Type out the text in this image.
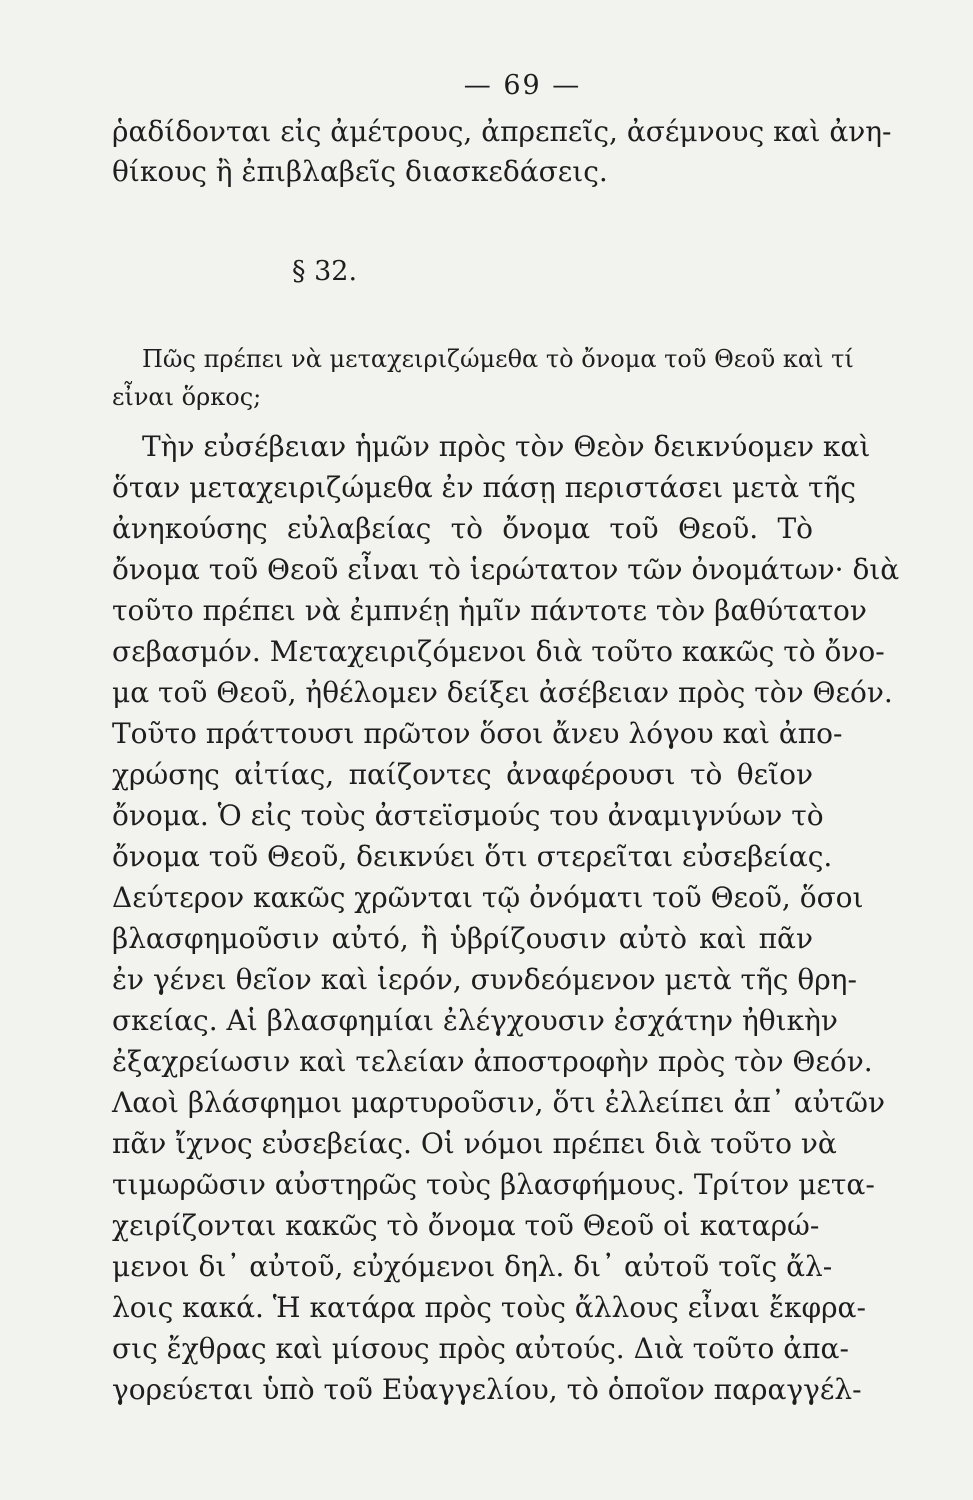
— 69 —
ῥαδίδονται εἰς ἀμέτρους, ἀπρεπεῖς, ἀσέμνους καὶ ἀνη-
θίκους ἢ ἐπιβλαβεῖς διασκεδάσεις.
§ 32.
Πῶς πρέπει νὰ μεταχειριζώμεθα τὸ ὄνομα τοῦ Θεοῦ καὶ τί
εἶναι ὅρκος;
Τὴν εὐσέβειαν ἡμῶν πρὸς τὸν Θεὸν δεικνύομεν καὶ
ὅταν μεταχειριζώμεθα ἐν πάσῃ περιστάσει μετὰ τῆς
ἀνηκούσης εὐλαβείας τὸ ὄνομα τοῦ Θεοῦ. Τὸ
ὄνομα τοῦ Θεοῦ εἶναι τὸ ἱερώτατον τῶν ὀνομάτων· διὰ
τοῦτο πρέπει νὰ ἐμπνέῃ ἡμῖν πάντοτε τὸν βαθύτατον
σεβασμόν. Μεταχειριζόμενοι διὰ τοῦτο κακῶς τὸ ὄνο-
μα τοῦ Θεοῦ, ἠθέλομεν δείξει ἀσέβειαν πρὸς τὸν Θεόν.
Τοῦτο πράττουσι πρῶτον ὅσοι ἄνευ λόγου καὶ ἀπο-
χρώσης αἰτίας, παίζοντες ἀναφέρουσι τὸ θεῖον
ὄνομα. Ὁ εἰς τοὺς ἀστεϊσμούς του ἀναμιγνύων τὸ
ὄνομα τοῦ Θεοῦ, δεικνύει ὅτι στερεῖται εὐσεβείας.
Δεύτερον κακῶς χρῶνται τῷ ὀνόματι τοῦ Θεοῦ, ὅσοι
βλασφημοῦσιν αὐτό, ἢ ὑβρίζουσιν αὐτὸ καὶ πᾶν
ἐν γένει θεῖον καὶ ἱερόν, συνδεόμενον μετὰ τῆς θρη-
σκείας. Αἱ βλασφημίαι ἐλέγχουσιν ἐσχάτην ἠθικὴν
ἐξαχρείωσιν καὶ τελείαν ἀποστροφὴν πρὸς τὸν Θεόν.
Λαοὶ βλάσφημοι μαρτυροῦσιν, ὅτι ἐλλείπει ἀπ᾽ αὐτῶν
πᾶν ἴχνος εὐσεβείας. Οἱ νόμοι πρέπει διὰ τοῦτο νὰ
τιμωρῶσιν αὐστηρῶς τοὺς βλασφήμους. Τρίτον μετα-
χειρίζονται κακῶς τὸ ὄνομα τοῦ Θεοῦ οἱ καταρώ-
μενοι δι᾽ αὐτοῦ, εὐχόμενοι δηλ. δι᾽ αὐτοῦ τοῖς ἄλ-
λοις κακά. Ἡ κατάρα πρὸς τοὺς ἄλλους εἶναι ἔκφρα-
σις ἔχθρας καὶ μίσους πρὸς αὐτούς. Διὰ τοῦτο ἀπα-
γορεύεται ὑπὸ τοῦ Εὐαγγελίου, τὸ ὁποῖον παραγγέλ-
